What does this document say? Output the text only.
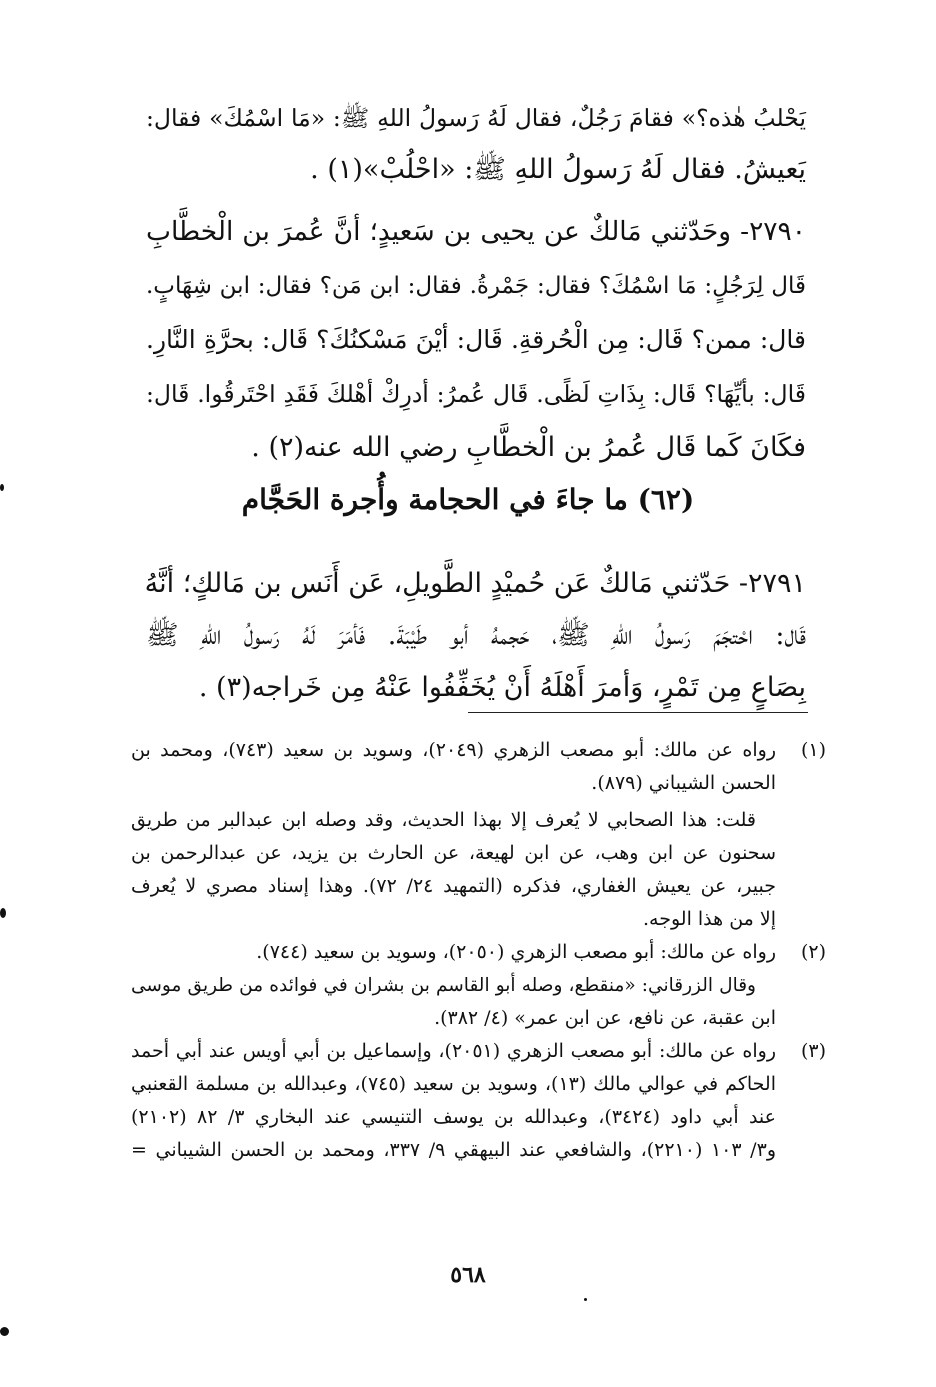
يَحْلبُ هٰذه؟» فقامَ رَجُلٌ، فقال لَهُ رَسولُ اللهِ ﷺ: «مَا اسْمُكَ» فقال:
يَعيشُ. فقال لَهُ رَسولُ اللهِ ﷺ: «احْلُبْ»(١) .
٢٧٩٠- وحَدّثني مَالكٌ عن يحيى بن سَعيدٍ؛ أنَّ عُمرَ بن الْخطَّابِ
قَال لِرَجُلٍ: مَا اسْمُكَ؟ فقال: جَمْرةُ. فقال: ابن مَن؟ فقال: ابن شِهَابٍ.
قال: ممن؟ قَال: مِن الْحُرقةِ. قَال: أيْنَ مَسْكنُكَ؟ قَال: بحرَّةِ النَّارِ.
قَال: بأيِّهَا؟ قَال: بِذَاتِ لَظًى. قَال عُمرُ: أدرِكْ أهْلكَ فَقَدِ احْتَرقُوا. قَال:
فكَانَ كَما قَال عُمرُ بن الْخطَّابِ رضي الله عنه(٢) .
(٦٢) ما جاءَ في الحجامة وأُجرة الحَجَّام
٢٧٩١- حَدّثني مَالكٌ عَن حُميْدٍ الطَّويلِ، عَن أَنَس بن مَالكٍ؛ أنَّهُ
قَال: احْتجَمَ رَسولُ اللهِ ﷺ، حَجمهُ أبو طَيْبَةَ. فَأمَرَ لَهُ رَسولُ اللهِ ﷺ
بِصَاعٍ مِن تَمْرٍ، وَأمرَ أَهْلَهُ أَنْ يُخَفِّفُوا عَنْهُ مِن خَراجه(٣) .
(١)
رواه عن مالك: أبو مصعب الزهري (٢٠٤٩)، وسويد بن سعيد (٧٤٣)، ومحمد بن
الحسن الشيباني (٨٧٩).
قلت: هذا الصحابي لا يُعرف إلا بهذا الحديث، وقد وصله ابن عبدالبر من طريق
سحنون عن ابن وهب، عن ابن لهيعة، عن الحارث بن يزيد، عن عبدالرحمن بن
جبير، عن يعيش الغفاري، فذكره (التمهيد ٢٤/ ٧٢). وهذا إسناد مصري لا يُعرف
إلا من هذا الوجه.
(٢)
رواه عن مالك: أبو مصعب الزهري (٢٠٥٠)، وسويد بن سعيد (٧٤٤).
وقال الزرقاني: «منقطع، وصله أبو القاسم بن بشران في فوائده من طريق موسى
ابن عقبة، عن نافع، عن ابن عمر» (٤/ ٣٨٢).
(٣)
رواه عن مالك: أبو مصعب الزهري (٢٠٥١)، وإسماعيل بن أبي أويس عند أبي أحمد
الحاكم في عوالي مالك (١٣)، وسويد بن سعيد (٧٤٥)، وعبدالله بن مسلمة القعنبي
عند أبي داود (٣٤٢٤)، وعبدالله بن يوسف التنيسي عند البخاري ٣/ ٨٢ (٢١٠٢)
و٣/ ١٠٣ (٢٢١٠)، والشافعي عند البيهقي ٩/ ٣٣٧، ومحمد بن الحسن الشيباني =
٥٦٨
